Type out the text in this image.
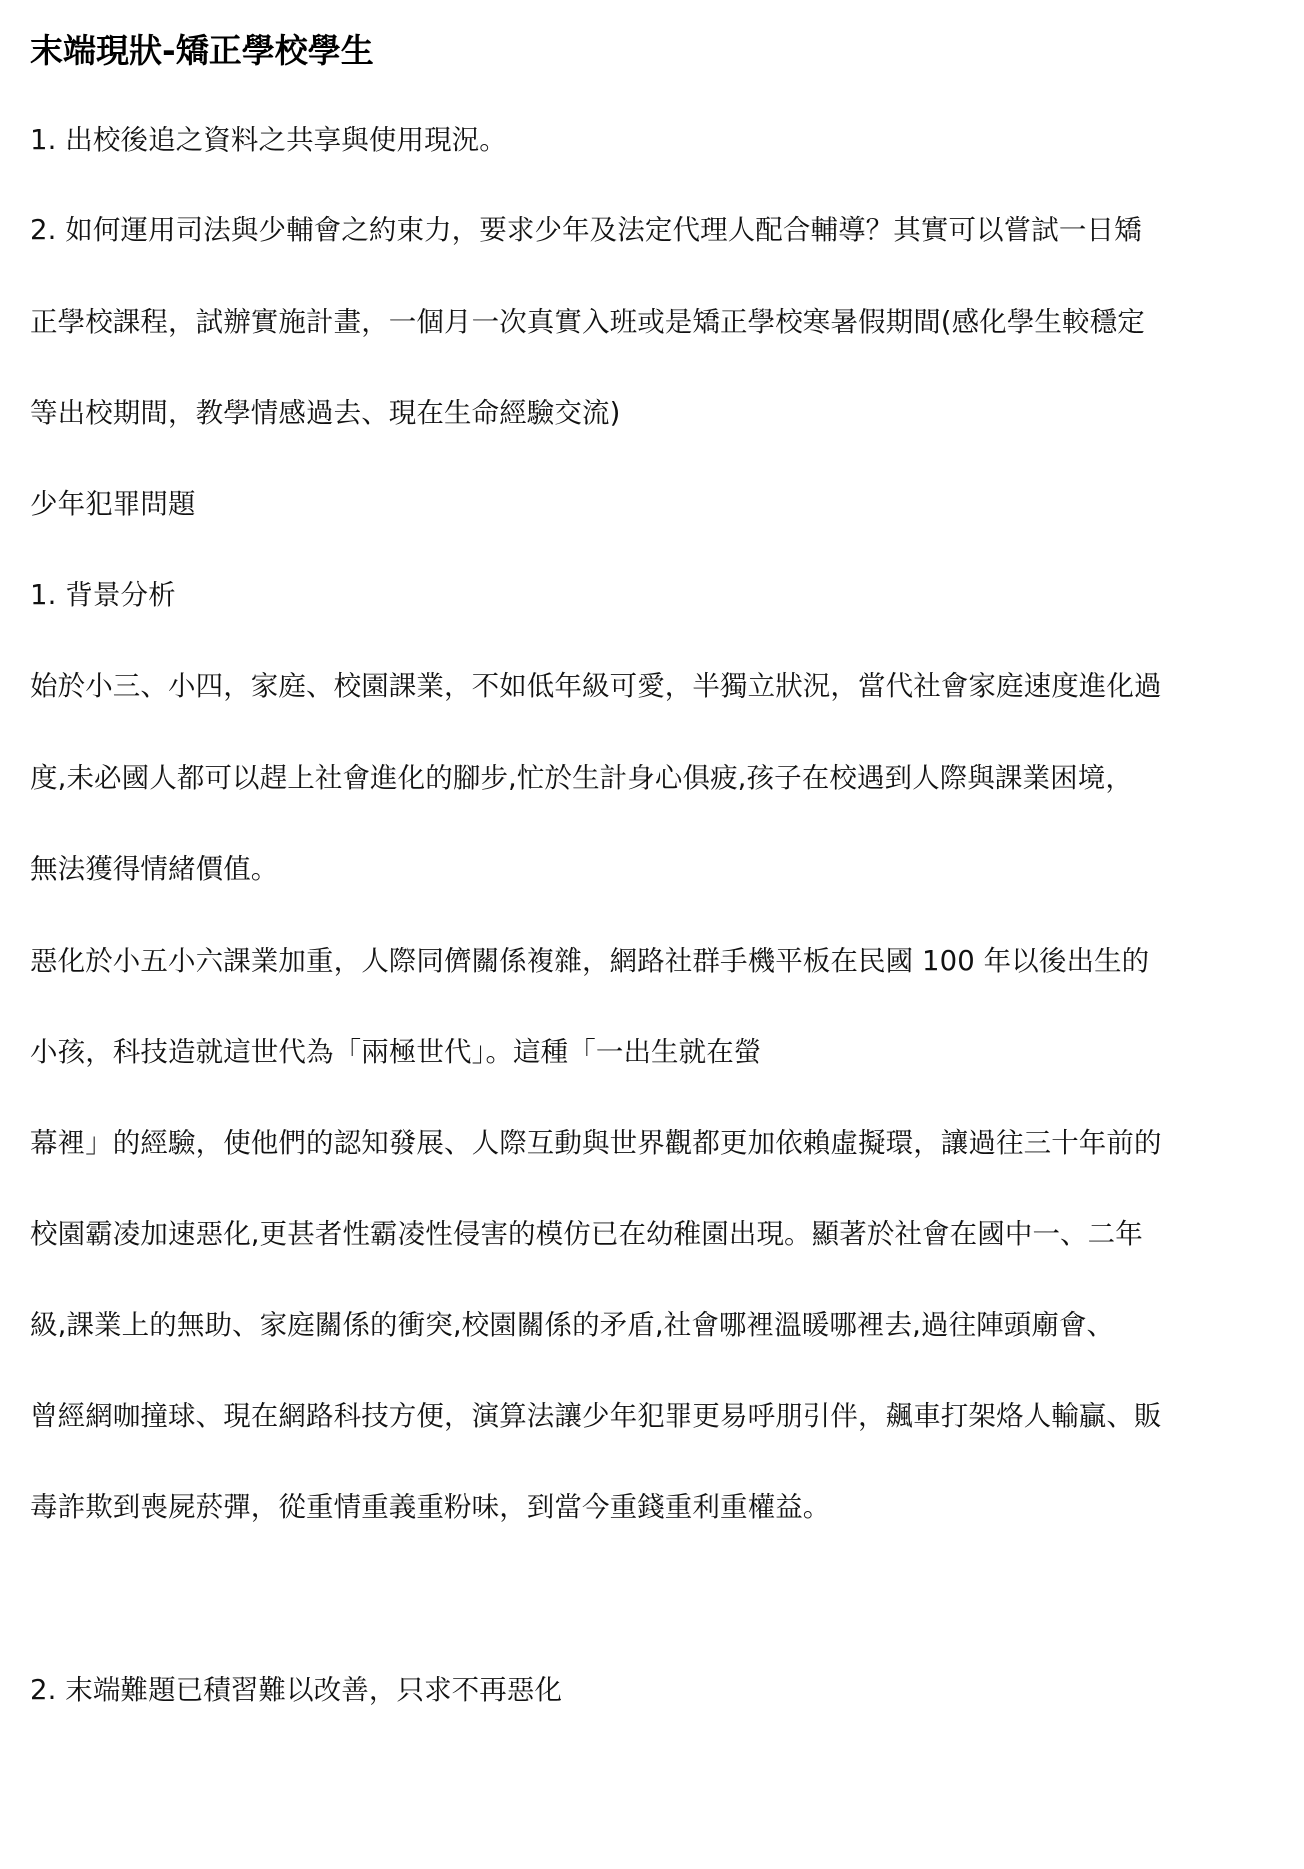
末端現狀-矯正學校學生

1. 出校後追之資料之共享與使用現況。

2. 如何運用司法與少輔會之約束力，要求少年及法定代理人配合輔導？其實可以嘗試一日矯

正學校課程，試辦實施計畫，一個月一次真實入班或是矯正學校寒暑假期間(感化學生較穩定

等出校期間，教學情感過去、現在生命經驗交流)

少年犯罪問題

1. 背景分析

始於小三、小四，家庭、校園課業，不如低年級可愛，半獨立狀況，當代社會家庭速度進化過

度,未必國人都可以趕上社會進化的腳步,忙於生計身心俱疲,孩子在校遇到人際與課業困境，

無法獲得情緒價值。

惡化於小五小六課業加重，人際同儕關係複雜，網路社群手機平板在民國 100 年以後出生的

小孩，科技造就這世代為「兩極世代」。這種「一出生就在螢

幕裡」的經驗，使他們的認知發展、人際互動與世界觀都更加依賴虛擬環，讓過往三十年前的

校園霸凌加速惡化,更甚者性霸凌性侵害的模仿已在幼稚園出現。顯著於社會在國中一、二年

級,課業上的無助、家庭關係的衝突,校園關係的矛盾,社會哪裡溫暖哪裡去,過往陣頭廟會、

曾經網咖撞球、現在網路科技方便，演算法讓少年犯罪更易呼朋引伴，飆車打架烙人輸贏、販

毒詐欺到喪屍菸彈，從重情重義重粉味，到當今重錢重利重權益。

2. 末端難題已積習難以改善，只求不再惡化
